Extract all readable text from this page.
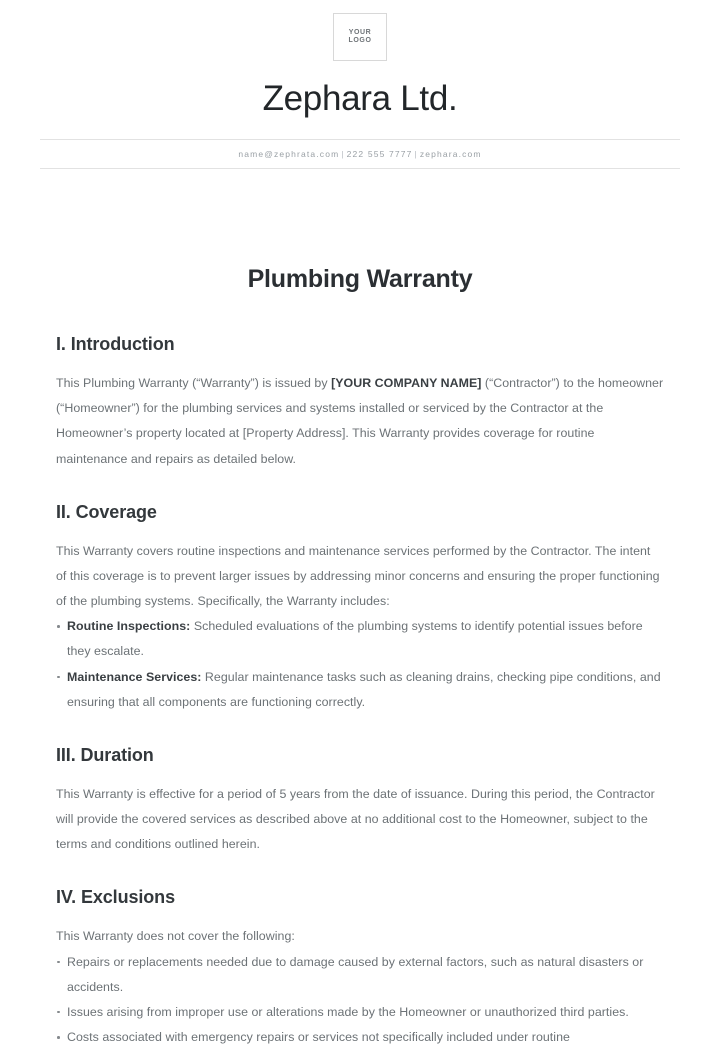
YOUR
LOGO
Zephara Ltd.
name@zephrata.com | 222 555 7777 | zephara.com
Plumbing Warranty
I. Introduction

This Plumbing Warranty (“Warranty”) is issued by [YOUR COMPANY NAME] (“Contractor”) to the homeowner (“Homeowner”) for the plumbing services and systems installed or serviced by the Contractor at the Homeowner’s property located at [Property Address]. This Warranty provides coverage for routine maintenance and repairs as detailed below.

II. Coverage

This Warranty covers routine inspections and maintenance services performed by the Contractor. The intent of this coverage is to prevent larger issues by addressing minor concerns and ensuring the proper functioning of the plumbing systems. Specifically, the Warranty includes:

Routine Inspections: Scheduled evaluations of the plumbing systems to identify potential issues before they escalate.
Maintenance Services: Regular maintenance tasks such as cleaning drains, checking pipe conditions, and ensuring that all components are functioning correctly.
III. Duration

This Warranty is effective for a period of 5 years from the date of issuance. During this period, the Contractor will provide the covered services as described above at no additional cost to the Homeowner, subject to the terms and conditions outlined herein.

IV. Exclusions

This Warranty does not cover the following:

Repairs or replacements needed due to damage caused by external factors, such as natural disasters or accidents.
Issues arising from improper use or alterations made by the Homeowner or unauthorized third parties.
Costs associated with emergency repairs or services not specifically included under routine
